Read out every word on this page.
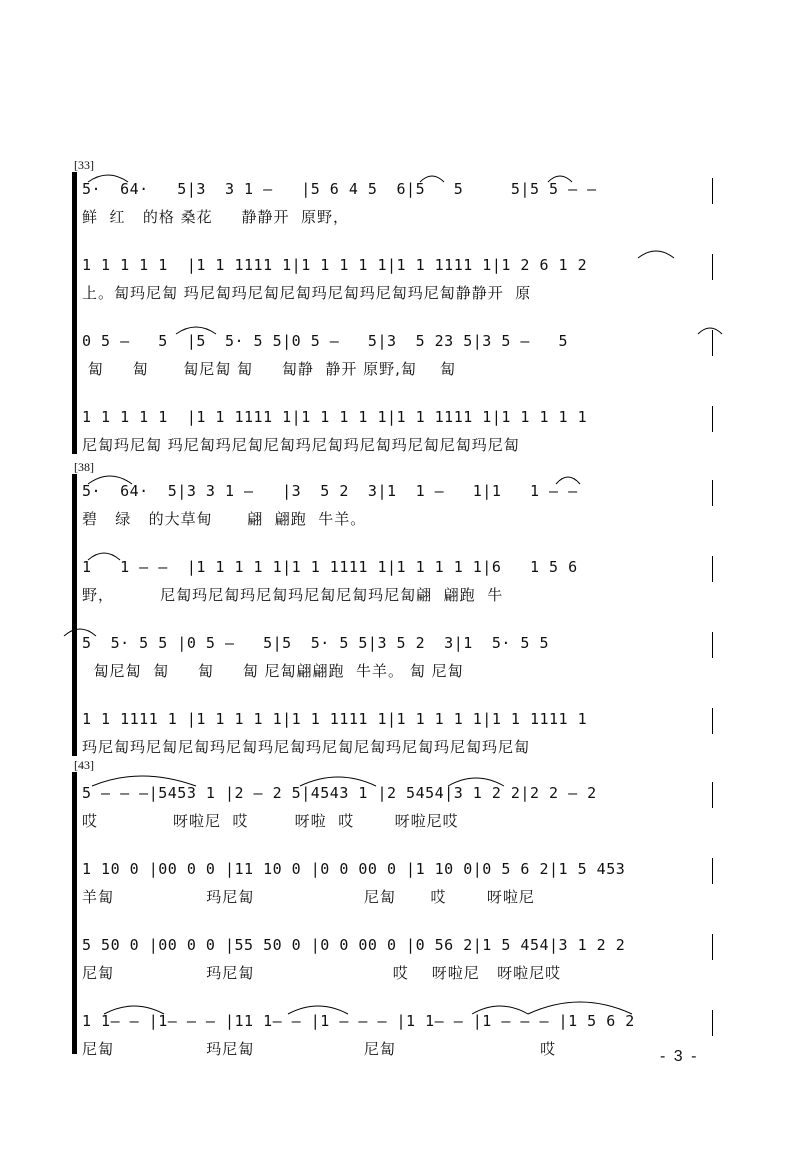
[33]
5·  64·   5|3  3 1 –   |5 6 4 5  6|5   5     5|5 5 – –
鲜  红   的格 桑花     静静开  原野，
1 1 1 1 1  |1 1 1111 1|1 1 1 1 1|1 1 1111 1|1 2 6 1 2
上。匐玛尼匐 玛尼匐玛尼匐尼匐玛尼匐玛尼匐玛尼匐静静开  原
0 5 –   5  |5  5· 5 5|0 5 –   5|3  5 23 5|3 5 –   5
匐     匐      匐尼匐 匐     匐静  静开 原野,匐    匐
1 1 1 1 1  |1 1 1111 1|1 1 1 1 1|1 1 1111 1|1 1 1 1 1
尼匐玛尼匐 玛尼匐玛尼匐尼匐玛尼匐玛尼匐玛尼匐尼匐玛尼匐
[38]
5·  64·  5|3 3 1 –   |3  5 2  3|1  1 –   1|1   1 – –
碧   绿   的大草甸      翩  翩跑  牛羊。
1   1 – –  |1 1 1 1 1|1 1 1111 1|1 1 1 1 1|6   1 5 6
野，        尼匐玛尼匐玛尼匐玛尼匐尼匐玛尼匐翩  翩跑  牛
5  5· 5 5 |0 5 –   5|5  5· 5 5|3 5 2  3|1  5· 5 5
匐尼匐  匐     匐     匐 尼匐翩翩跑  牛羊。 匐 尼匐
1 1 1111 1 |1 1 1 1 1|1 1 1111 1|1 1 1 1 1|1 1 1111 1
玛尼匐玛尼匐尼匐玛尼匐玛尼匐玛尼匐尼匐玛尼匐玛尼匐玛尼匐
[43]
5 – – –|5453 1 |2 – 2 5|4543 1 |2 5454|3 1 2 2|2 2 – 2
哎             呀啦尼  哎        呀啦  哎       呀啦尼哎
1 10 0 |00 0 0 |11 10 0 |0 0 00 0 |1 10 0|0 5 6 2|1 5 453
羊匐                玛尼匐                   尼匐      哎       呀啦尼
5 50 0 |00 0 0 |55 50 0 |0 0 00 0 |0 56 2|1 5 454|3 1 2 2
尼匐                玛尼匐                        哎    呀啦尼   呀啦尼哎
1 1– – |1– – – |11 1– – |1 – – – |1 1– – |1 – – – |1 5 6 2
尼匐                玛尼匐                   尼匐                         哎	- 3 -
